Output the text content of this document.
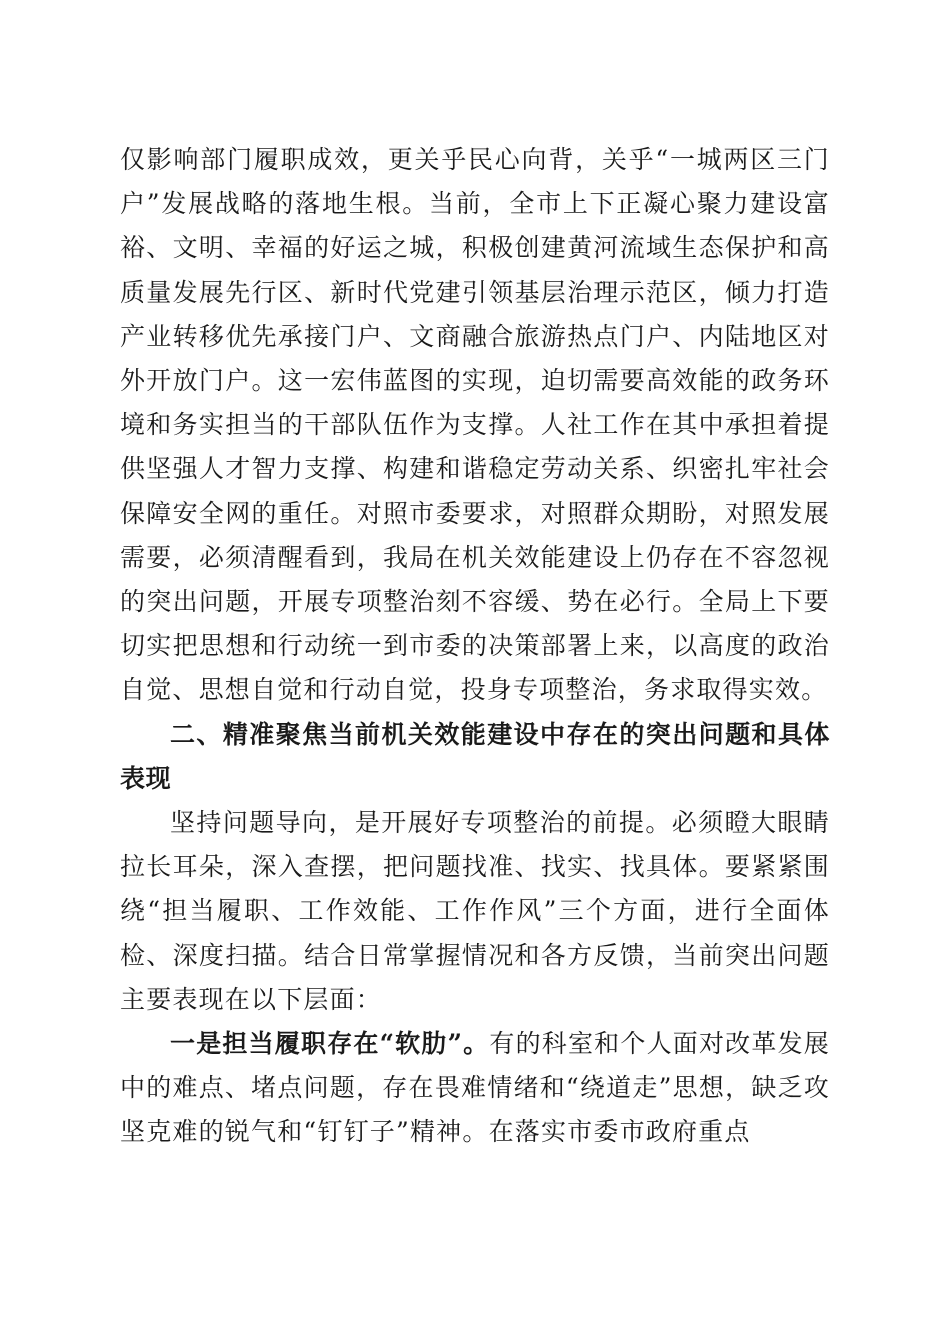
仅影响部门履职成效，更关乎民心向背，关乎“一城两区三门户”发展战略的落地生根。当前，全市上下正凝心聚力建设富裕、文明、幸福的好运之城，积极创建黄河流域生态保护和高质量发展先行区、新时代党建引领基层治理示范区，倾力打造产业转移优先承接门户、文商融合旅游热点门户、内陆地区对外开放门户。这一宏伟蓝图的实现，迫切需要高效能的政务环境和务实担当的干部队伍作为支撑。人社工作在其中承担着提供坚强人才智力支撑、构建和谐稳定劳动关系、织密扎牢社会保障安全网的重任。对照市委要求，对照群众期盼，对照发展需要，必须清醒看到，我局在机关效能建设上仍存在不容忽视的突出问题，开展专项整治刻不容缓、势在必行。全局上下要切实把思想和行动统一到市委的决策部署上来，以高度的政治自觉、思想自觉和行动自觉，投身专项整治，务求取得实效。

二、精准聚焦当前机关效能建设中存在的突出问题和具体表现

坚持问题导向，是开展好专项整治的前提。必须瞪大眼睛拉长耳朵，深入查摆，把问题找准、找实、找具体。要紧紧围绕“担当履职、工作效能、工作作风”三个方面，进行全面体检、深度扫描。结合日常掌握情况和各方反馈，当前突出问题主要表现在以下层面：

一是担当履职存在“软肋”。有的科室和个人面对改革发展中的难点、堵点问题，存在畏难情绪和“绕道走”思想，缺乏攻坚克难的锐气和“钉钉子”精神。在落实市委市政府重点
